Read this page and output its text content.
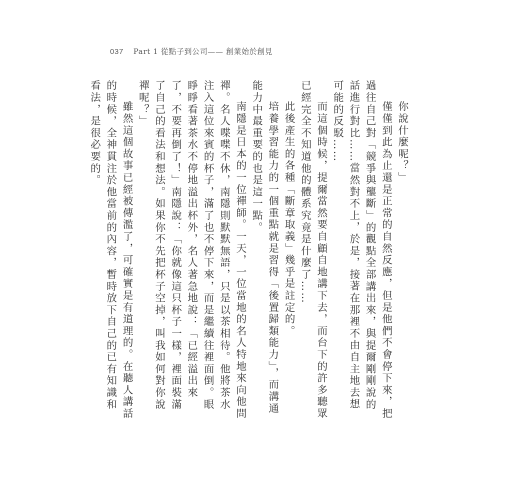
037 Part 1 從點子到公司—— 創業始於創見

你說什麼呢？」

僅僅到此為止還是正常的自然反應，但是他們不會停下來，把過往自己對「競爭與壟斷」的觀點全部講出來，與提爾剛剛說的話進行對比……當然對不上，於是，接著在那裡不由自主地去想可能的反駁……

而這個時候，提爾當然要自顧自地講下去，而台下的許多聽眾已經完全不知道他的體系究竟是什麼了……

此後產生的各種「斷章取義」幾乎是註定的。

培養學習能力的一個重點就是習得「後置歸類能力」，而溝通能力中最重要的也是這一點。

南隱是日本的一位禪師。一天，一位當地的名人特地來向他問禪。名人喋喋不休，南隱則默默無語，只是以茶相待。他將茶水注入這位來賓的杯子，滿了也不停下來，而是繼續往裡面倒。眼睜睜看著茶水不停地溢出杯外，名人著急地說：「已經溢出來了，不要再倒了！」南隱說：「你就像這只杯子一樣，裡面裝滿了自己的看法和想法。如果你不先把杯子空掉，叫我如何對你說禪呢？」

雖然這個故事已經被傳濫了，可確實是有道理的。在聽人講話的時候，全神貫注於他當前的內容，暫時放下自己的已有知識和看法，是很必要的。
